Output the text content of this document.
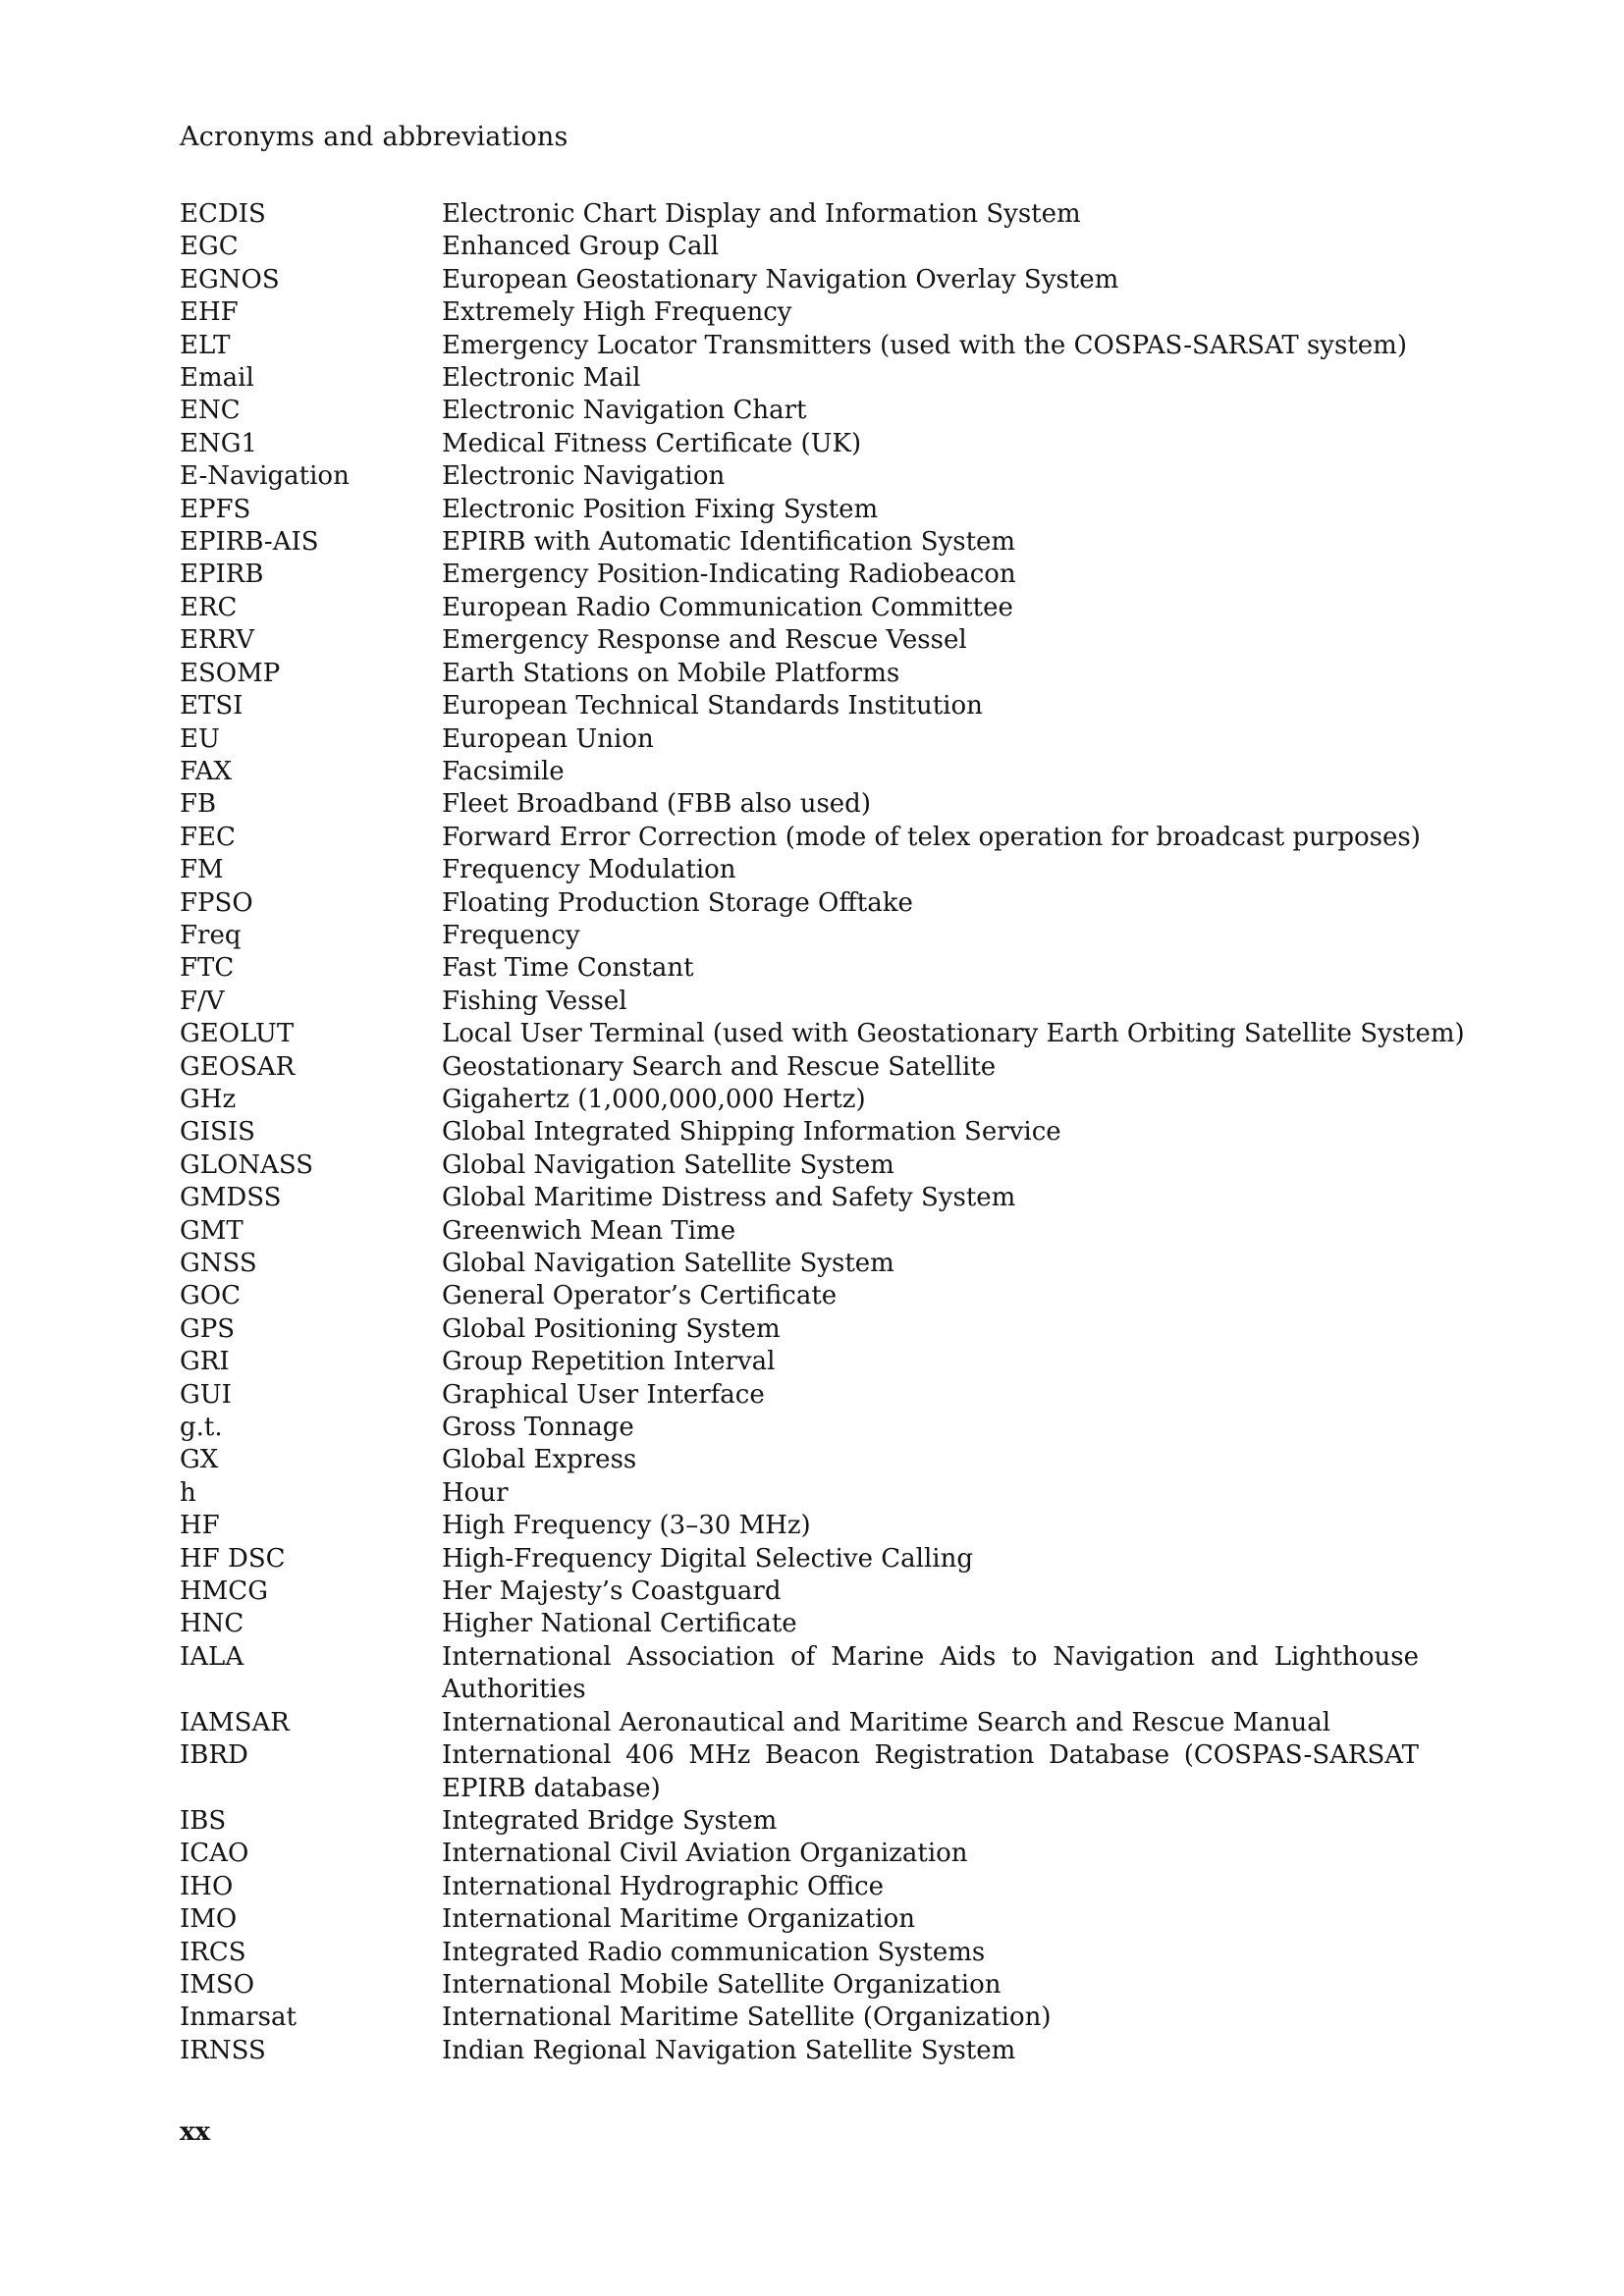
Acronyms and abbreviations
ECDIS	Electronic Chart Display and Information System
EGC	Enhanced Group Call
EGNOS	European Geostationary Navigation Overlay System
EHF	Extremely High Frequency
ELT	Emergency Locator Transmitters (used with the COSPAS-SARSAT system)
Email	Electronic Mail
ENC	Electronic Navigation Chart
ENG1	Medical Fitness Certificate (UK)
E-Navigation	Electronic Navigation
EPFS	Electronic Position Fixing System
EPIRB-AIS	EPIRB with Automatic Identification System
EPIRB	Emergency Position-Indicating Radiobeacon
ERC	European Radio Communication Committee
ERRV	Emergency Response and Rescue Vessel
ESOMP	Earth Stations on Mobile Platforms
ETSI	European Technical Standards Institution
EU	European Union
FAX	Facsimile
FB	Fleet Broadband (FBB also used)
FEC	Forward Error Correction (mode of telex operation for broadcast purposes)
FM	Frequency Modulation
FPSO	Floating Production Storage Offtake
Freq	Frequency
FTC	Fast Time Constant
F/V	Fishing Vessel
GEOLUT	Local User Terminal (used with Geostationary Earth Orbiting Satellite System)
GEOSAR	Geostationary Search and Rescue Satellite
GHz	Gigahertz (1,000,000,000 Hertz)
GISIS	Global Integrated Shipping Information Service
GLONASS	Global Navigation Satellite System
GMDSS	Global Maritime Distress and Safety System
GMT	Greenwich Mean Time
GNSS	Global Navigation Satellite System
GOC	General Operator’s Certificate
GPS	Global Positioning System
GRI	Group Repetition Interval
GUI	Graphical User Interface
g.t.	Gross Tonnage
GX	Global Express
h	Hour
HF	High Frequency (3–30 MHz)
HF DSC	High-Frequency Digital Selective Calling
HMCG	Her Majesty’s Coastguard
HNC	Higher National Certificate
IALA	International Association of Marine Aids to Navigation and Lighthouse Authorities
IAMSAR	International Aeronautical and Maritime Search and Rescue Manual
IBRD	International 406 MHz Beacon Registration Database (COSPAS-SARSAT EPIRB database)
IBS	Integrated Bridge System
ICAO	International Civil Aviation Organization
IHO	International Hydrographic Office
IMO	International Maritime Organization
IRCS	Integrated Radio communication Systems
IMSO	International Mobile Satellite Organization
Inmarsat	International Maritime Satellite (Organization)
IRNSS	Indian Regional Navigation Satellite System
xx
